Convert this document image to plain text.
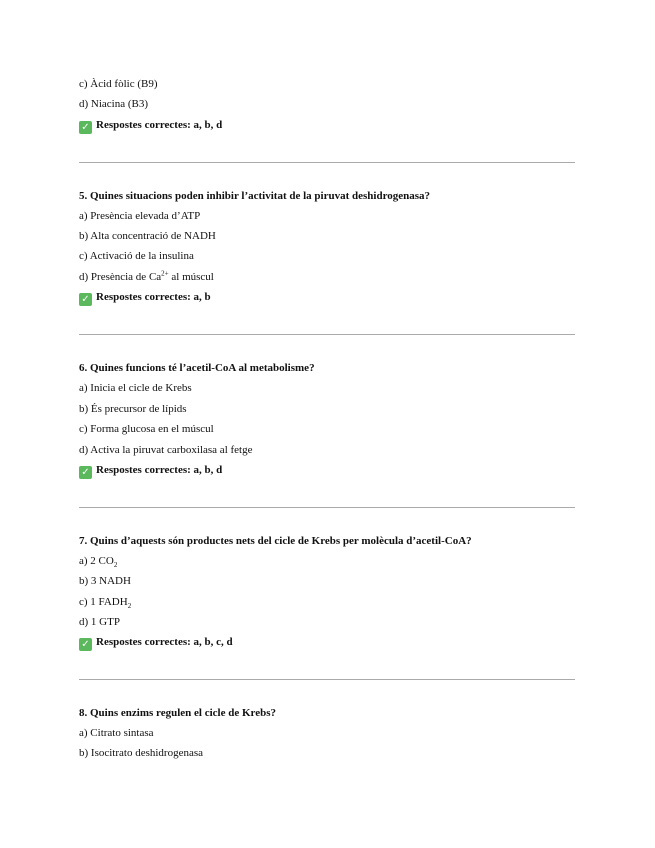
c) Àcid fòlic (B9)
d) Niacina (B3)
✓ Respostes correctes: a, b, d
5. Quines situacions poden inhibir l’activitat de la piruvat deshidrogenasa?
a) Presència elevada d’ATP
b) Alta concentració de NADH
c) Activació de la insulina
d) Presència de $Ca^{2+}$ al múscul
✓ Respostes correctes: a, b
6. Quines funcions té l’acetil-CoA al metabolisme?
a) Inicia el cicle de Krebs
b) És precursor de lípids
c) Forma glucosa en el múscul
d) Activa la piruvat carboxilasa al fetge
✓ Respostes correctes: a, b, d
7. Quins d’aquests són productes nets del cicle de Krebs per molècula d’acetil-CoA?
a) 2 $CO_2$
b) 3 NADH
c) 1 $FADH_2$
d) 1 GTP
✓ Respostes correctes: a, b, c, d
8. Quins enzims regulen el cicle de Krebs?
a) Citrato sintasa
b) Isocitrato deshidrogenasa
